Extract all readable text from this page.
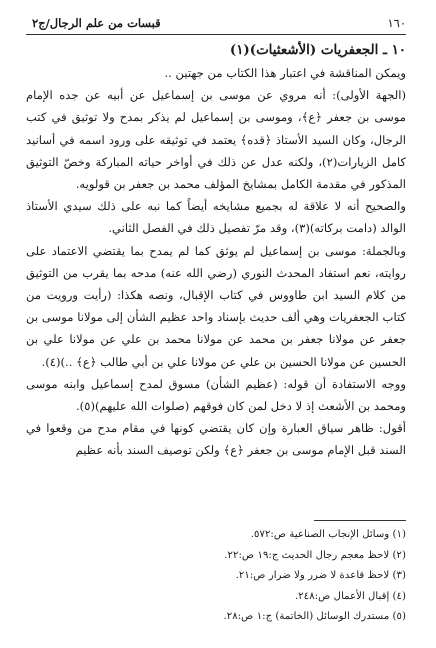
١٦٠
قبسات من علم الرجال/ج٢
١٠ ـ الجعفريات (الأشعثيات)(١)

ويمكن المناقشة في اعتبار هذا الكتاب من جهتين ..

(الجهة الأولى): أنه مروي عن موسى بن إسماعيل عن أبيه عن جده الإمام موسى بن جعفر ﴿ع﴾، وموسى بن إسماعيل لم يذكر بمدح ولا توثيق في كتب الرجال، وكان السيد الأستاذ ﴿قده﴾ يعتمد في توثيقه على ورود اسمه في أسانيد كامل الزيارات(٢)، ولكنه عدل عن ذلك في أواخر حياته المباركة وخصّ التوثيق المذكور في مقدمة الكامل بمشايخ المؤلف محمد بن جعفر بن قولويه.

والصحيح أنه لا علاقة له بجميع مشايخه أيضاً كما نبه على ذلك سيدي الأستاذ الوالد (دامت بركاته)(٣)، وقد مرّ تفصيل ذلك في الفصل الثاني.

وبالجملة: موسى بن إسماعيل لم يوثق كما لم يمدح بما يقتضي الاعتماد على روايته، نعم استفاد المحدث النوري (رضي الله عنه) مدحه بما يقرب من التوثيق من كلام السيد ابن طاووس في كتاب الإقبال، ونصه هكذا: (رأيت ورويت من كتاب الجعفريات وهي ألف حديث بإسناد واحد عظيم الشأن إلى مولانا موسى بن جعفر عن مولانا جعفر بن محمد عن مولانا محمد بن علي عن مولانا علي بن الحسين عن مولانا الحسين بن علي عن مولانا علي بن أبي طالب ﴿ع﴾ ..)(٤).

ووجه الاستفادة أن قوله: (عظيم الشأن) مسوق لمدح إسماعيل وابنه موسى ومحمد بن الأشعث إذ لا دخل لمن كان فوقهم (صلوات الله عليهم)(٥).

أقول: ظاهر سياق العبارة وإن كان يقتضي كونها في مقام مدح من وقعوا في السند قبل الإمام موسى بن جعفر ﴿ع﴾ ولكن توصيف السند بأنه عظيم

(١) وسائل الإنجاب الصناعية ص:٥٧٢.

(٢) لاحظ معجم رجال الحديث ج:١٩ ص:٢٢.

(٣) لاحظ قاعدة لا ضرر ولا ضرار ص:٢١.

(٤) إقبال الأعمال ص:٢٤٨.

(٥) مستدرك الوسائل (الخاتمة) ج:١ ص:٢٨.
